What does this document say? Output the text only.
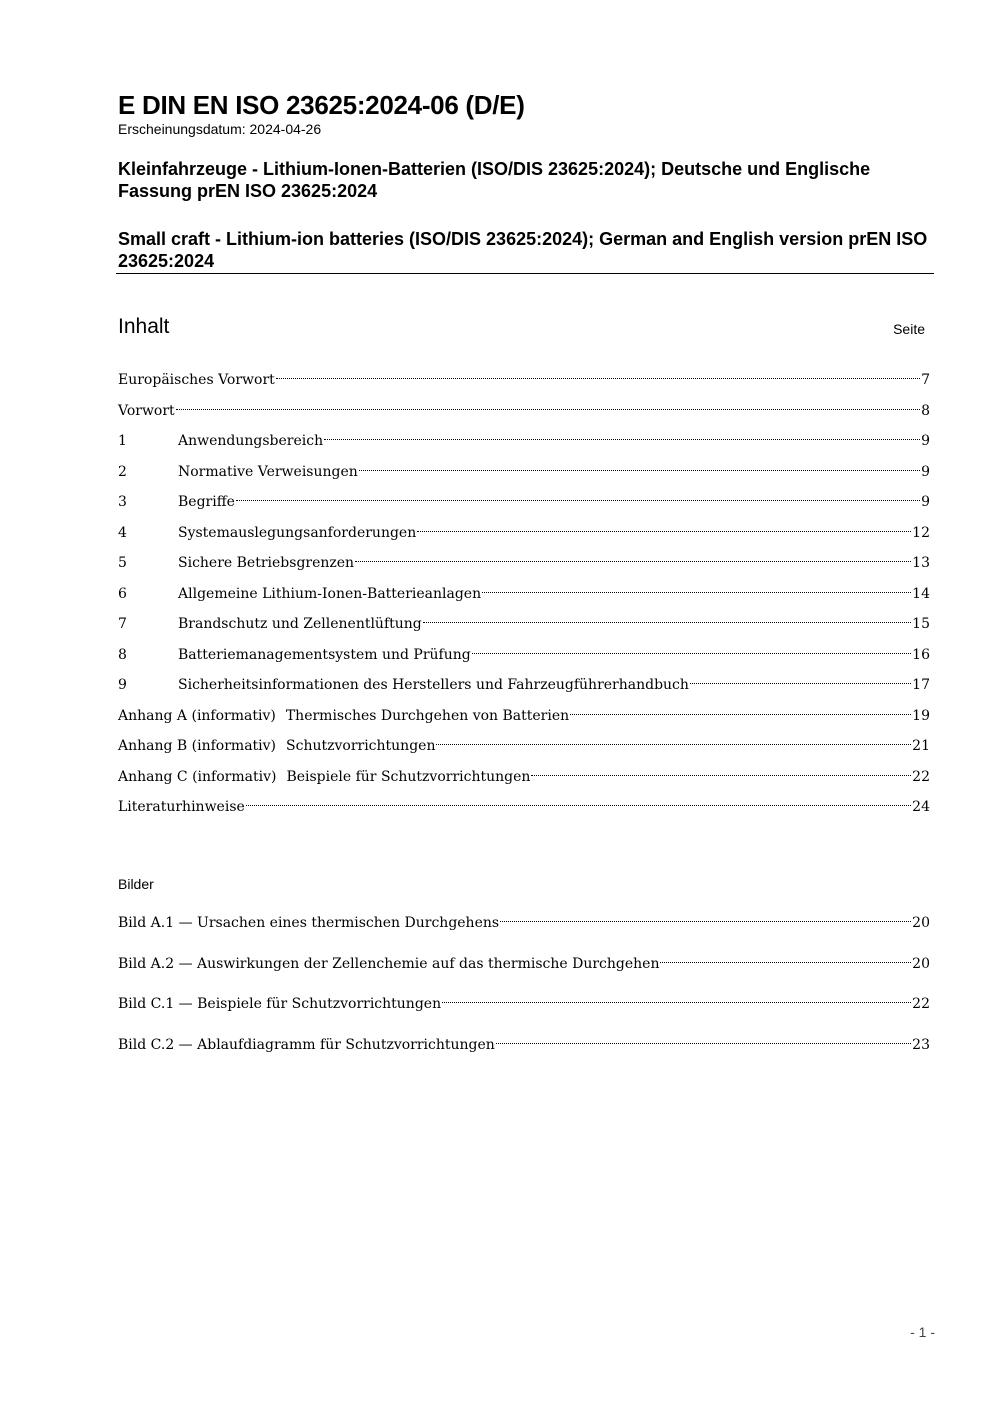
E DIN EN ISO 23625:2024-06 (D/E)
Erscheinungsdatum: 2024-04-26
Kleinfahrzeuge - Lithium-Ionen-Batterien (ISO/DIS 23625:2024); Deutsche und Englische Fassung prEN ISO 23625:2024
Small craft - Lithium-ion batteries (ISO/DIS 23625:2024); German and English version prEN ISO 23625:2024
Inhalt	Seite
Europäisches Vorwort	7
Vorwort	8
1	Anwendungsbereich	9
2	Normative Verweisungen	9
3	Begriffe	9
4	Systemauslegungsanforderungen	12
5	Sichere Betriebsgrenzen	13
6	Allgemeine Lithium-Ionen-Batterieanlagen	14
7	Brandschutz und Zellenentlüftung	15
8	Batteriemanagementsystem und Prüfung	16
9	Sicherheitsinformationen des Herstellers und Fahrzeugführerhandbuch	17
Anhang A (informativ) Thermisches Durchgehen von Batterien	19
Anhang B (informativ) Schutzvorrichtungen	21
Anhang C (informativ) Beispiele für Schutzvorrichtungen	22
Literaturhinweise	24
Bilder
Bild A.1 — Ursachen eines thermischen Durchgehens	20
Bild A.2 — Auswirkungen der Zellenchemie auf das thermische Durchgehen	20
Bild C.1 — Beispiele für Schutzvorrichtungen	22
Bild C.2 — Ablaufdiagramm für Schutzvorrichtungen	23
- 1 -
